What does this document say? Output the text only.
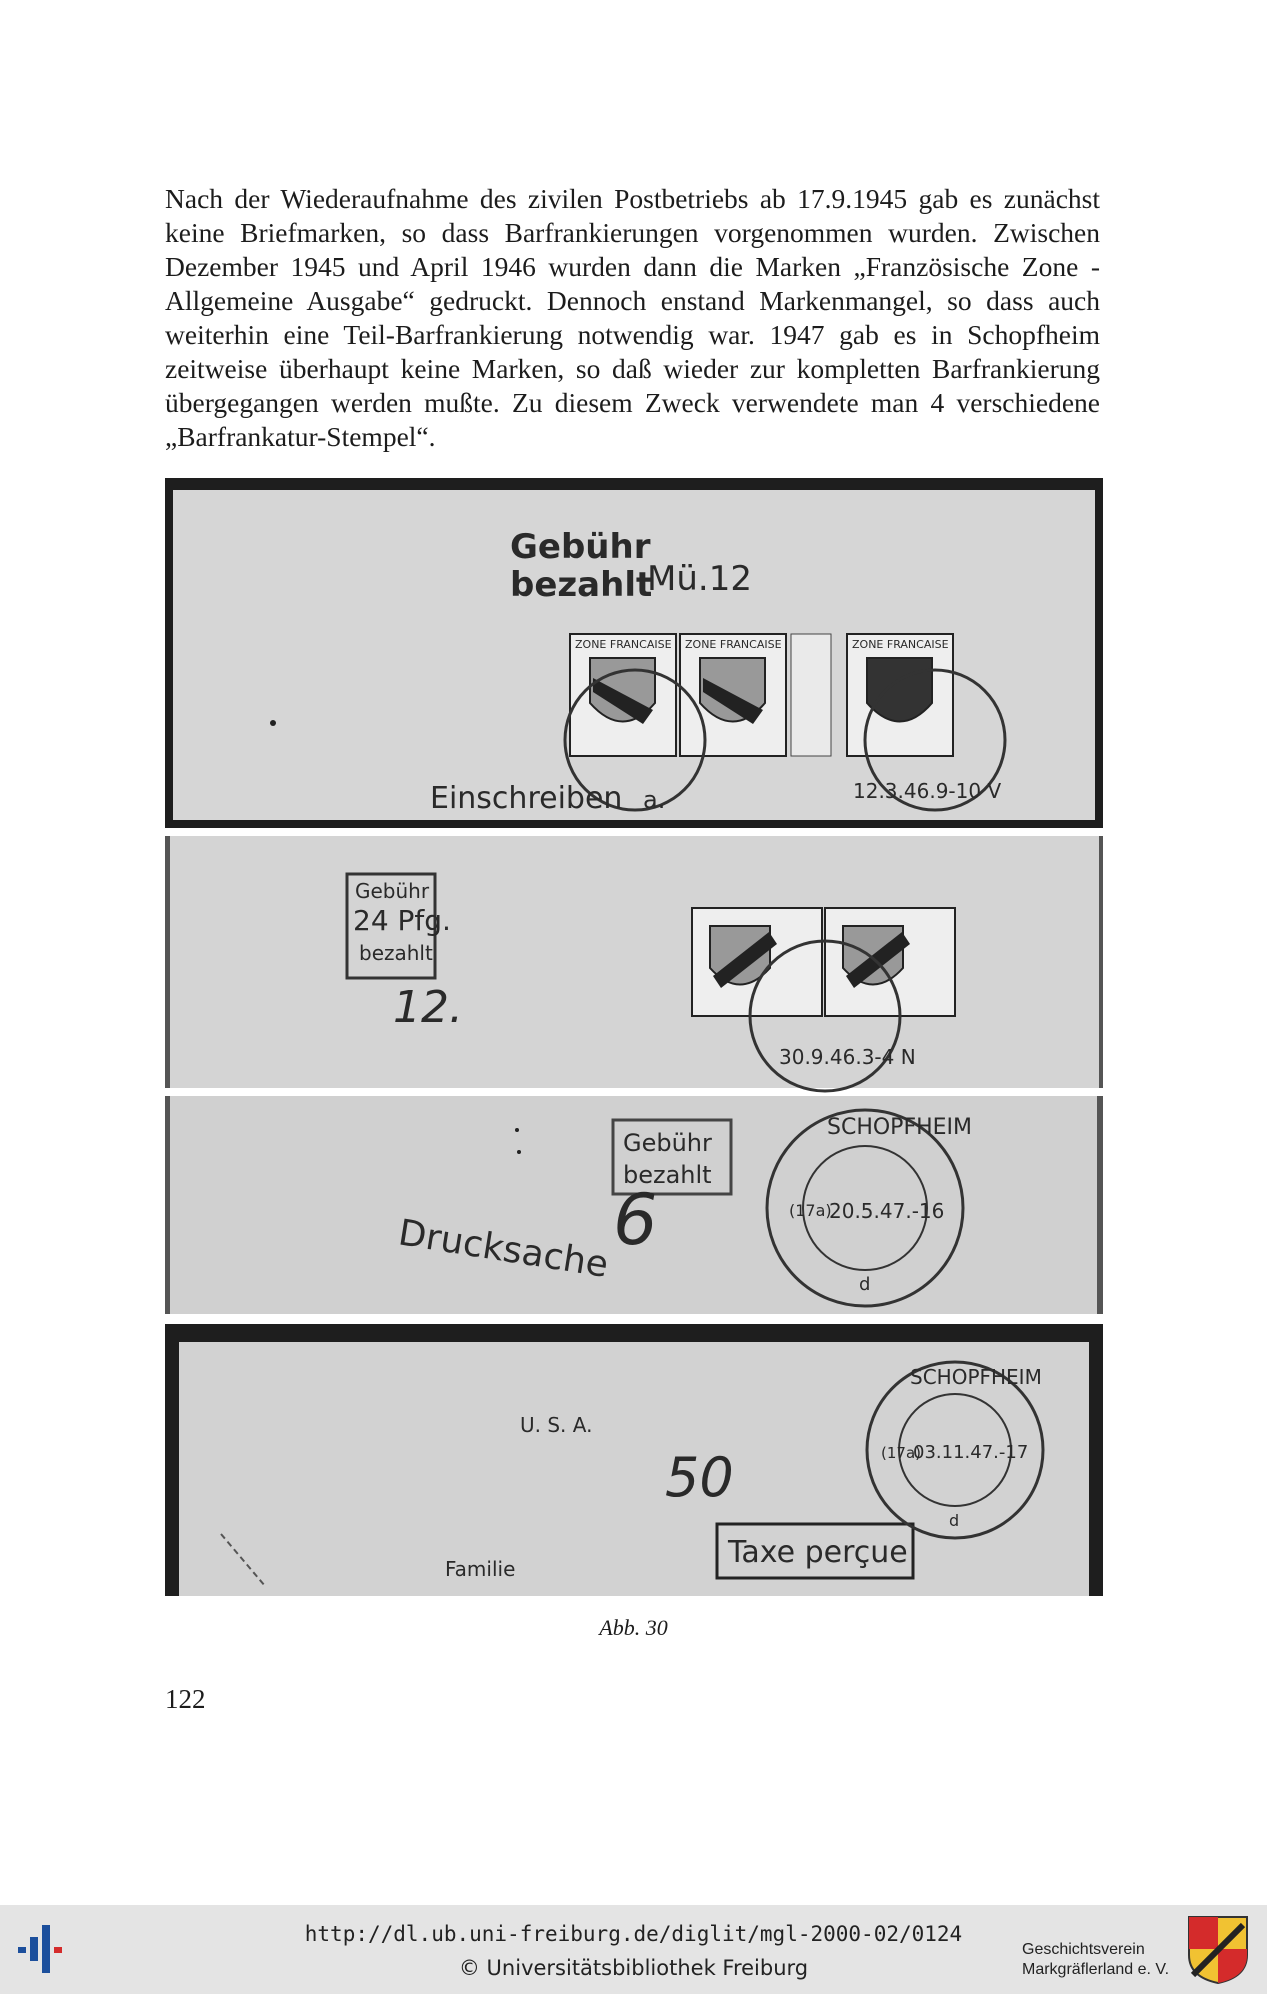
Nach der Wiederaufnahme des zivilen Postbetriebs ab 17.9.1945 gab es zunächst keine Briefmarken, so dass Barfrankierungen vorgenommen wurden. Zwischen Dezember 1945 und April 1946 wurden dann die Marken „Französische Zone - Allgemeine Ausgabe“ gedruckt. Dennoch enstand Markenmangel, so dass auch weiterhin eine Teil-Barfrankierung notwendig war. 1947 gab es in Schopfheim zeitweise überhaupt keine Marken, so daß wieder zur kompletten Barfrankierung übergegangen werden mußte. Zu diesem Zweck verwendete man 4 verschiedene „Barfrankatur-Stempel“.

Gebühr
bezahlt
Mü.12
ZONE FRANCAISE ZONE FRANCAISE	ZONE FRANCAISE
12.3.46.9-10 V
Einschreiben a.
Gebühr
24 Pfg.
bezahlt
12.
30.9.46.3-4 N
Gebühr
bezahlt
6
Drucksache
SCHOPFHEIM
(17a)
20.5.47.-16
d
U. S. A.
Familie
50
Taxe perçue
SCHOPFHEIM
(17a)
03.11.47.-17
d
Abb. 30
122
http://dl.ub.uni-freiburg.de/diglit/mgl-2000-02/0124
© Universitätsbibliothek Freiburg
Geschichtsverein
Markgräflerland e. V.
